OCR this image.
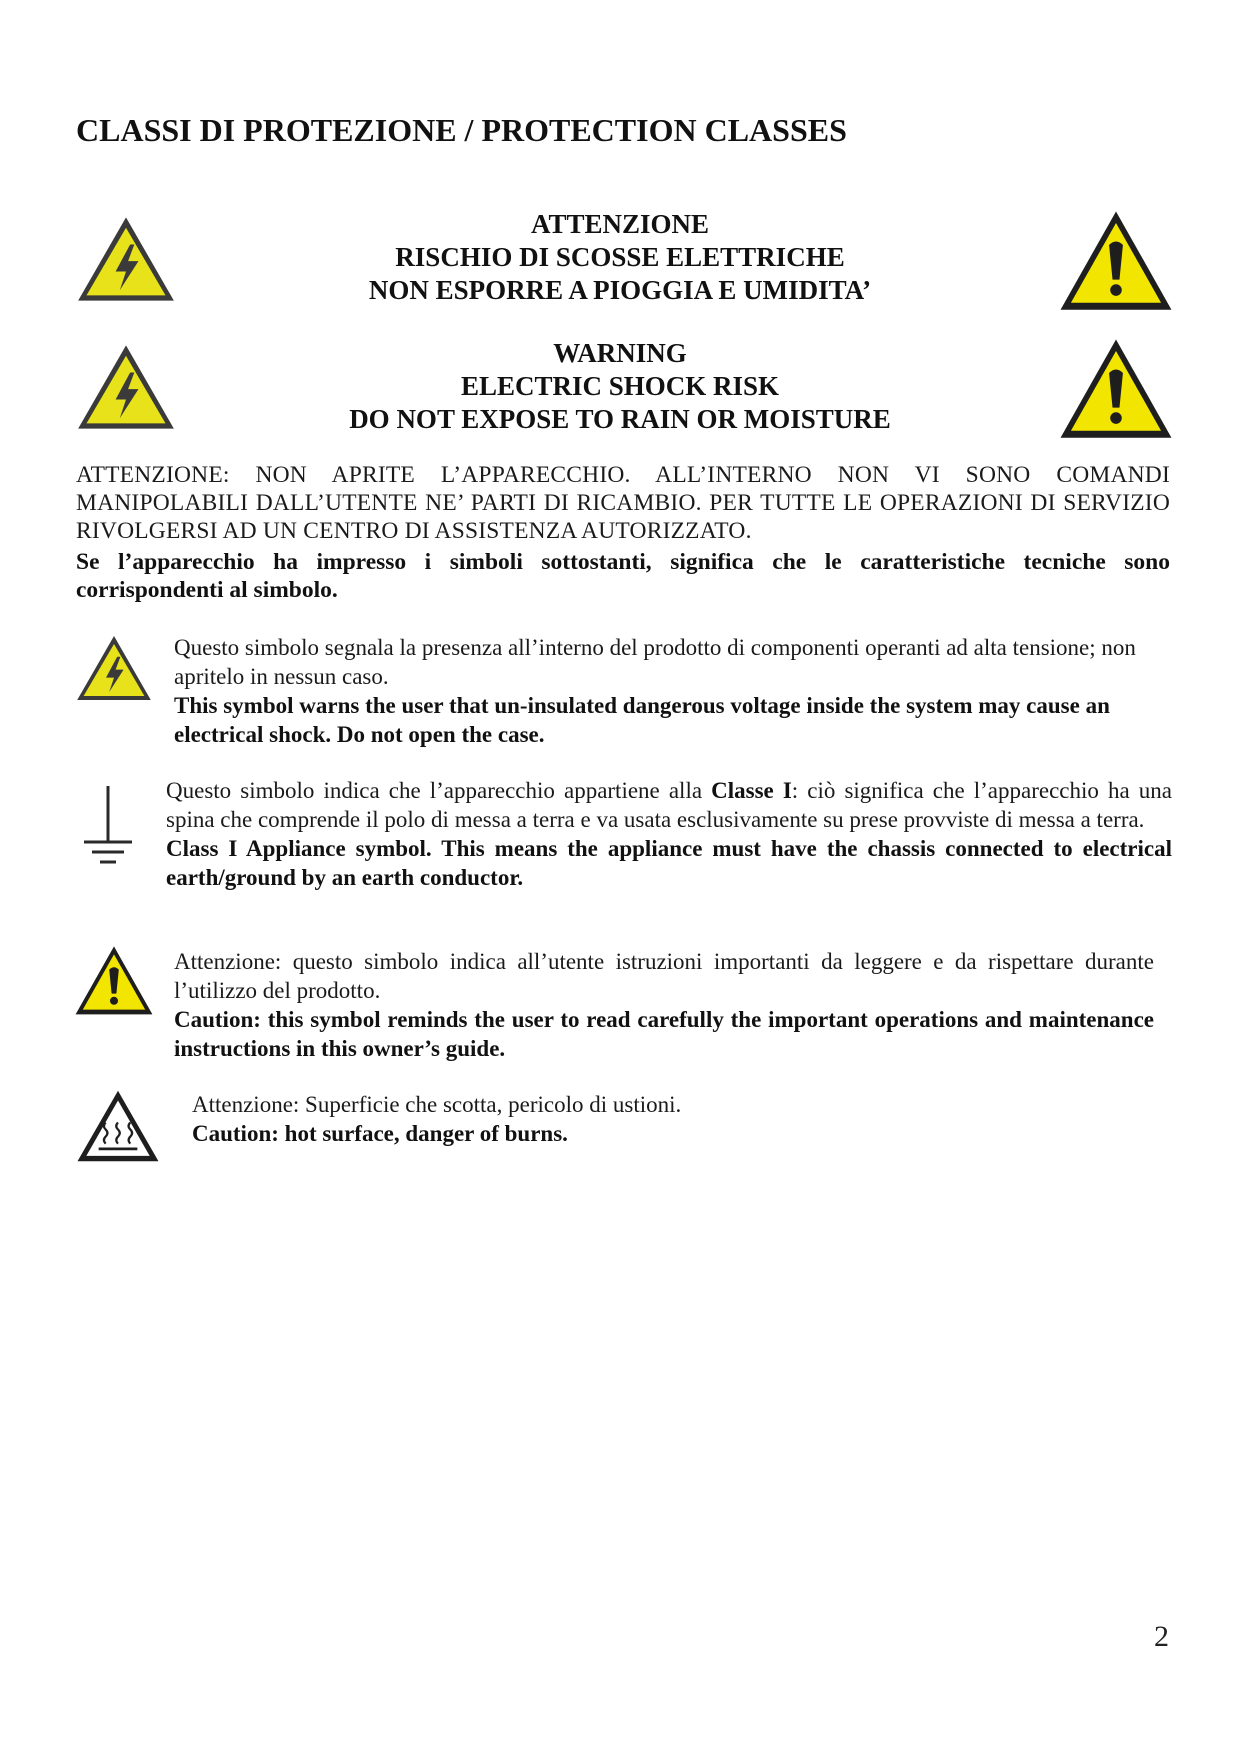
CLASSI DI PROTEZIONE / PROTECTION CLASSES
ATTENZIONE
RISCHIO DI SCOSSE ELETTRICHE
NON ESPORRE A PIOGGIA E UMIDITA’
WARNING
ELECTRIC SHOCK RISK
DO NOT EXPOSE TO RAIN OR MOISTURE
ATTENZIONE: NON APRITE L’APPARECCHIO. ALL’INTERNO NON VI SONO COMANDI MANIPOLABILI DALL’UTENTE NE’ PARTI DI RICAMBIO. PER TUTTE LE OPERAZIONI DI SERVIZIO RIVOLGERSI AD UN CENTRO DI ASSISTENZA AUTORIZZATO.
Se l’apparecchio ha impresso i simboli sottostanti, significa che le caratteristiche tecniche sono corrispondenti al simbolo.
Questo simbolo segnala la presenza all’interno del prodotto di componenti operanti ad alta tensione; non apritelo in nessun caso.
This symbol warns the user that un-insulated dangerous voltage inside the system may cause an electrical shock. Do not open the case.
Questo simbolo indica che l’apparecchio appartiene alla Classe I: ciò significa che l’apparecchio ha una spina che comprende il polo di messa a terra e va usata esclusivamente su prese provviste di messa a terra.
Class I Appliance symbol. This means the appliance must have the chassis connected to electrical earth/ground by an earth conductor.
Attenzione: questo simbolo indica all’utente istruzioni importanti da leggere e da rispettare durante l’utilizzo del prodotto.
Caution: this symbol reminds the user to read carefully the important operations and maintenance instructions in this owner’s guide.
Attenzione: Superficie che scotta, pericolo di ustioni.
Caution: hot surface, danger of burns.
2
